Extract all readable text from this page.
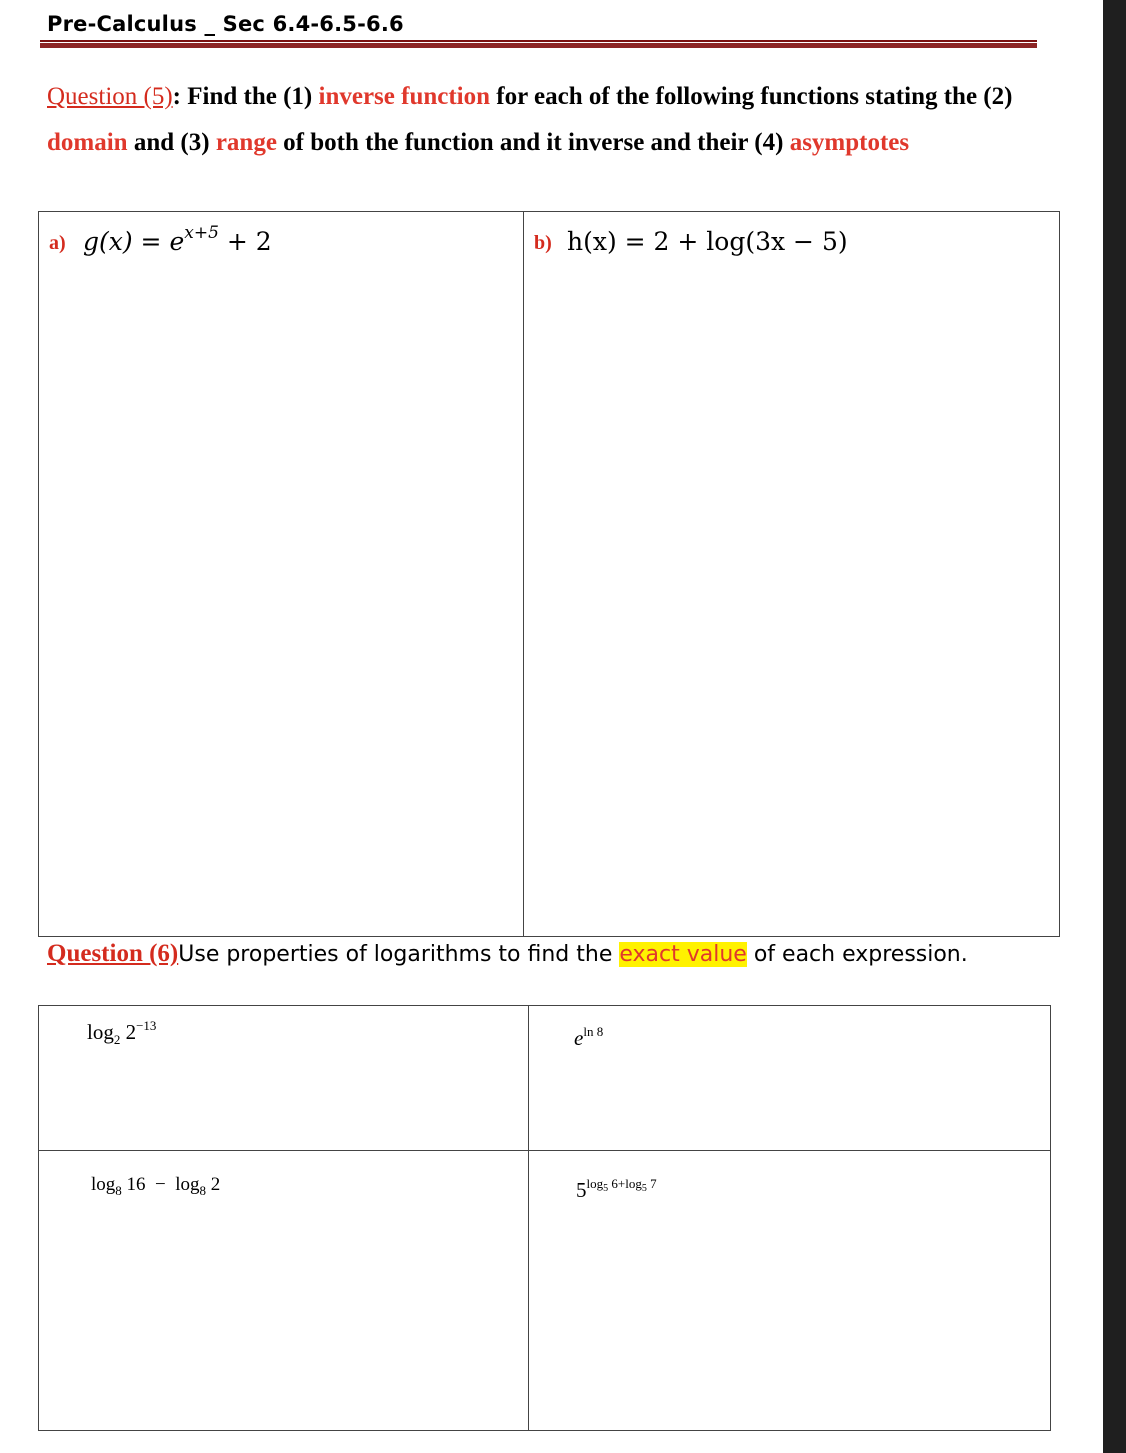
Pre-Calculus _ Sec 6.4-6.5-6.6
Question (5): Find the (1) inverse function for each of the following functions stating the (2) domain and (3) range of both the function and it inverse and their (4) asymptotes
a) $g(x) = e^{x+5} + 2$	b) h(x) = 2 + log(3x − 5)
Question (6)Use properties of logarithms to find the exact value of each expression.
$\log_2 2^{-13}$
$e^{ln 8}$
$\log_8 16 - \log_8 2$	$5^{log_5 6+log_5 7}$
